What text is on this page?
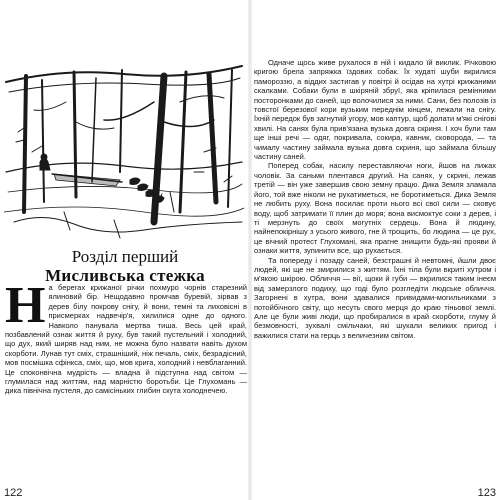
Розділ перший
Мисливська стежка
Н а берегах крижаної річки похмуро чорнів старезний ялиновий бір. Нещодавно промчав буревій, зірвав з дерев білу покрову снігу, й вони, темні та лиховісні в присмерках надвечір'я, хилилися одне до одного. Навколо панувала мертва тиша. Весь цей край, позбавлений ознак життя й руху, був такий пустельний і холодний, що дух, який ширяв над ним, не можна було назвати навіть духом скорботи. Лунав тут сміх, страшніший, ніж печаль, сміх, безрадісний, мов посмішка сфінкса, сміх, що, мов крига, холодний і невблаганний. Це споконвічна мудрість — владна й підступна над світом — глумилася над життям, над марністю боротьби. Це Глухомань — дика північна пустеля, до самісіньких глибин скута холоднечею.

122

Одначе щось живе рухалося в ній і кидало їй виклик. Річковою кригою брела запряжка їздових собак. Їх худаті шуби вкрилися памороззю, а віддих застигав у повітрі й осідав на хутрі крижаними скалками. Собаки були в шкіряній збруї, яка кріпилася ремінними посторонками до саней, що волочилися за ними. Сани, без полозів із товстої березової кори вузьким переднім кінцем, лежали на снігу. Їхній передок був загнутий угору, мов каптур, щоб долати м'які снігові хвилі. На санях була прив'язана вузька довга скриня. І хоч були там ще інші речі — одяг, покривала, сокира, кавник, сковорода, — та чималу частину займала вузька довга скриня, що займала більшу частину саней.

Поперед собак, насилу переставляючи ноги, йшов на лижах чоловік. За саньми плентався другий. На санях, у скрині, лежав третій — він уже завершив свою земну працю. Дика Земля зламала його, той вже ніколи не рухатиметься, не боротиметься. Дика Земля не любить руху. Вона посилає проти нього всі свої сили — сковує воду, щоб затримати її плин до моря; вона висмоктує соки з дерев, і ті мерзнуть до своїх могутніх сердець. Вона й людину, найнепокірнішу з усього живого, гне й трощить, бо людина — це рух, це вічний протест Глухомані, яка прагне знищити будь-які прояви й ознаки життя, зупинити все, що рухається.

Та попереду і позаду саней, безстрашні й невтомні, йшли двоє людей, які ще не змирилися з життям. Їхні тіла були вкриті хутром і м'якою шкірою. Обличчя — вії, щоки й губи — вкрилися таким інеєм від замерзлого подиху, що годі було розгледіти людське обличчя. Загорнені в хутра, вони здавалися привидами-могильниками з потойбічного світу, що несуть свого мерця до краю тіньової землі. Але це були живі люди, що пробиралися в край скорботи, глуму й безмовності, зухвалі смільчаки, які шукали великих пригод і важилися стати на герць з величезним світом.

123
